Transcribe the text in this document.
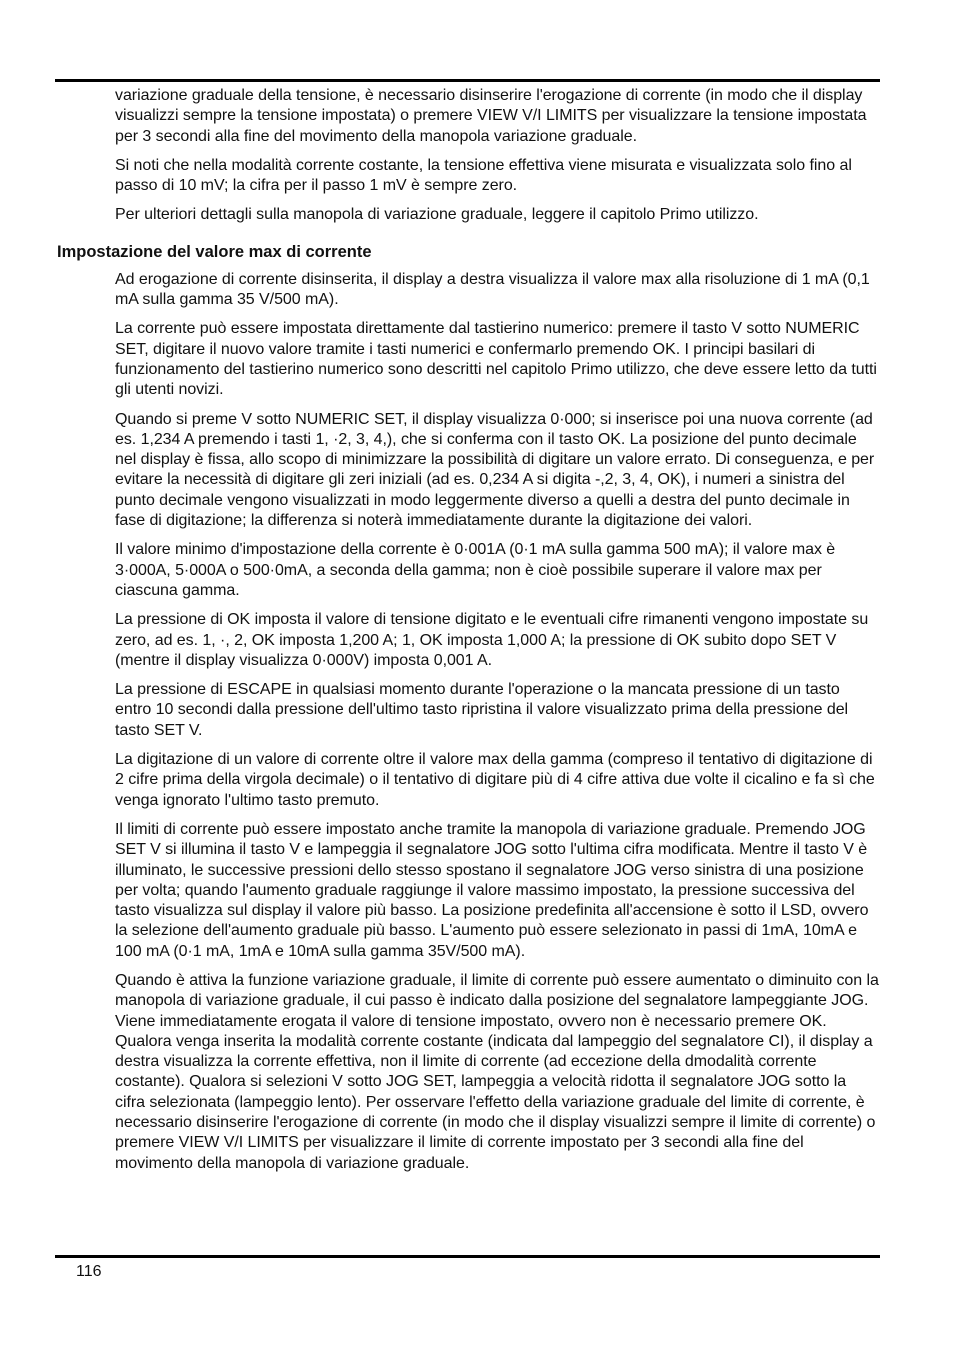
variazione graduale della tensione, è necessario disinserire l'erogazione di corrente (in modo che il display visualizzi sempre la tensione impostata) o premere VIEW V/I LIMITS per visualizzare la tensione impostata per 3 secondi alla fine del movimento della manopola variazione graduale.

Si noti che nella modalità corrente costante, la tensione effettiva viene misurata e visualizzata solo fino al passo di 10 mV; la cifra per il passo 1 mV è sempre zero.

Per ulteriori dettagli sulla manopola di variazione graduale, leggere il capitolo Primo utilizzo.

Impostazione del valore max di corrente

Ad erogazione di corrente disinserita, il display a destra visualizza il valore max alla risoluzione di 1 mA (0,1 mA sulla gamma 35 V/500 mA).

La corrente può essere impostata direttamente dal tastierino numerico: premere il tasto V sotto NUMERIC SET, digitare il nuovo valore tramite i tasti numerici e confermarlo premendo OK. I principi basilari di funzionamento del tastierino numerico sono descritti nel capitolo Primo utilizzo, che deve essere letto da tutti gli utenti novizi.

Quando si preme V sotto NUMERIC SET, il display visualizza 0·000; si inserisce poi una nuova corrente (ad es. 1,234 A premendo i tasti 1, ·2, 3, 4,), che si conferma con il tasto OK. La posizione del punto decimale nel display è fissa, allo scopo di minimizzare la possibilità di digitare un valore errato. Di conseguenza, e per evitare la necessità di digitare gli zeri iniziali (ad es. 0,234 A si digita -,2, 3, 4, OK), i numeri a sinistra del punto decimale vengono visualizzati in modo leggermente diverso a quelli a destra del punto decimale in fase di digitazione; la differenza si noterà immediatamente durante la digitazione dei valori.

Il valore minimo d'impostazione della corrente è 0·001A (0·1 mA sulla gamma 500 mA); il valore max è 3·000A, 5·000A o 500·0mA, a seconda della gamma; non è cioè possibile superare il valore max per ciascuna gamma.

La pressione di OK imposta il valore di tensione digitato e le eventuali cifre rimanenti vengono impostate su zero, ad es. 1, ·, 2, OK imposta 1,200 A; 1, OK imposta 1,000 A; la pressione di OK subito dopo SET V (mentre il display visualizza 0·000V) imposta 0,001 A.

La pressione di ESCAPE in qualsiasi momento durante l'operazione o la mancata pressione di un tasto entro 10 secondi dalla pressione dell'ultimo tasto ripristina il valore visualizzato prima della pressione del tasto SET V.

La digitazione di un valore di corrente oltre il valore max della gamma (compreso il tentativo di digitazione di 2 cifre prima della virgola decimale) o il tentativo di digitare più di 4 cifre attiva due volte il cicalino e fa sì che venga ignorato l'ultimo tasto premuto.

Il limiti di corrente può essere impostato anche tramite la manopola di variazione graduale. Premendo JOG SET V si illumina il tasto V e lampeggia il segnalatore JOG sotto l'ultima cifra modificata. Mentre il tasto V è illuminato, le successive pressioni dello stesso spostano il segnalatore JOG verso sinistra di una posizione per volta; quando l'aumento graduale raggiunge il valore massimo impostato, la pressione successiva del tasto visualizza sul display il valore più basso. La posizione predefinita all'accensione è sotto il LSD, ovvero la selezione dell'aumento graduale più basso. L'aumento può essere selezionato in passi di 1mA, 10mA e 100 mA (0·1 mA, 1mA e 10mA sulla gamma 35V/500 mA).

Quando è attiva la funzione variazione graduale, il limite di corrente può essere aumentato o diminuito con la manopola di variazione graduale, il cui passo è indicato dalla posizione del segnalatore lampeggiante JOG. Viene immediatamente erogata il valore di tensione impostato, ovvero non è necessario premere OK. Qualora venga inserita la modalità corrente costante (indicata dal lampeggio del segnalatore CI), il display a destra visualizza la corrente effettiva, non il limite di corrente (ad eccezione della dmodalità corrente costante). Qualora si selezioni V sotto JOG SET, lampeggia a velocità ridotta il segnalatore JOG sotto la cifra selezionata (lampeggio lento). Per osservare l'effetto della variazione graduale del limite di corrente, è necessario disinserire l'erogazione di corrente (in modo che il display visualizzi sempre il limite di corrente) o premere VIEW V/I LIMITS per visualizzare il limite di corrente impostato per 3 secondi alla fine del movimento della manopola di variazione graduale.

116
